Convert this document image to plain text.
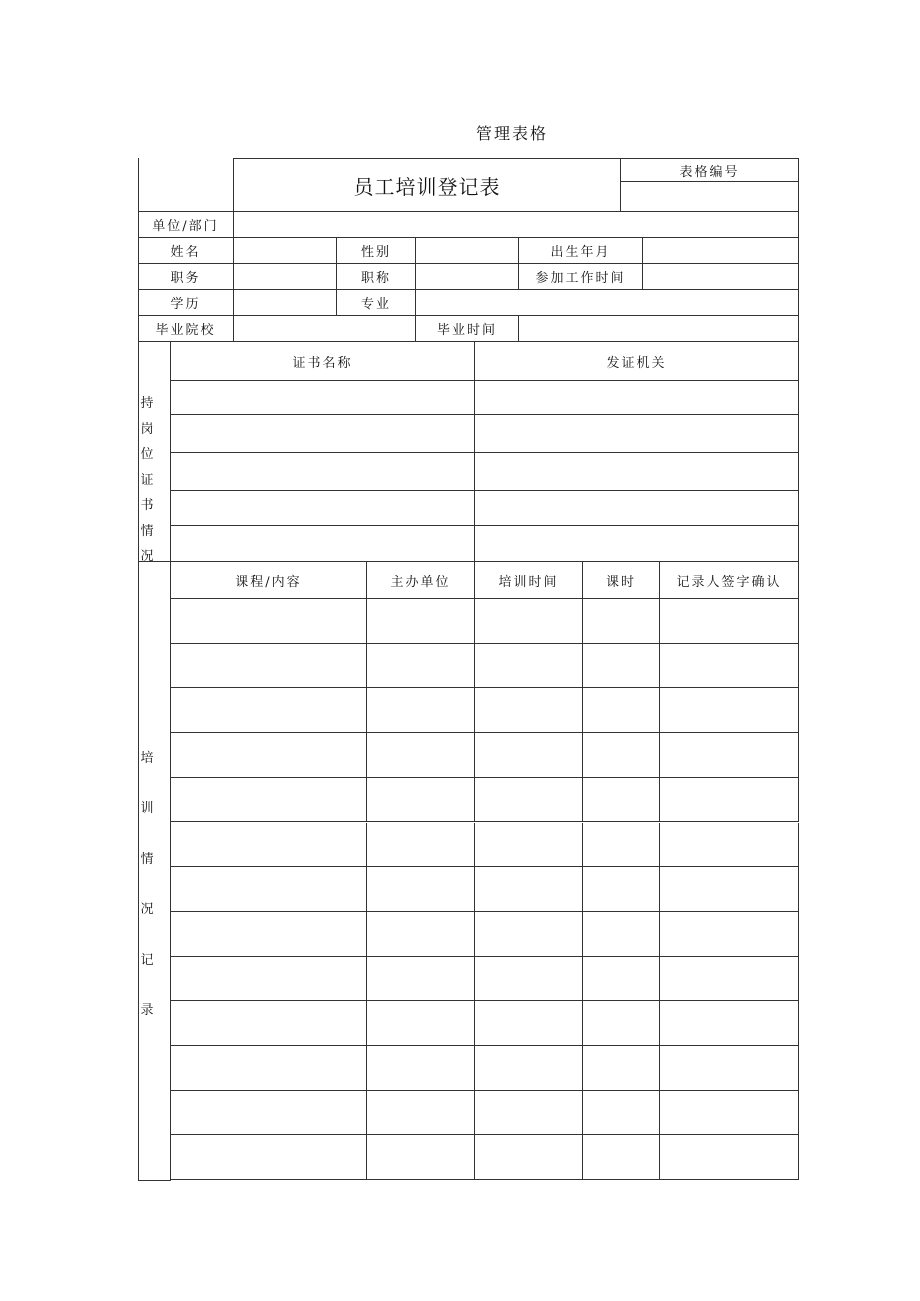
管理表格
员工培训登记表
表格编号
单位/部门
姓名	性别	出生年月
职务	职称	参加工作时间
学历	专业
毕业院校	毕业时间
持
岗
位
证
书
情
况
证书名称	发证机关
培
训
情
况
记
录
课程/内容	主办单位	培训时间	课时	记录人签字确认
